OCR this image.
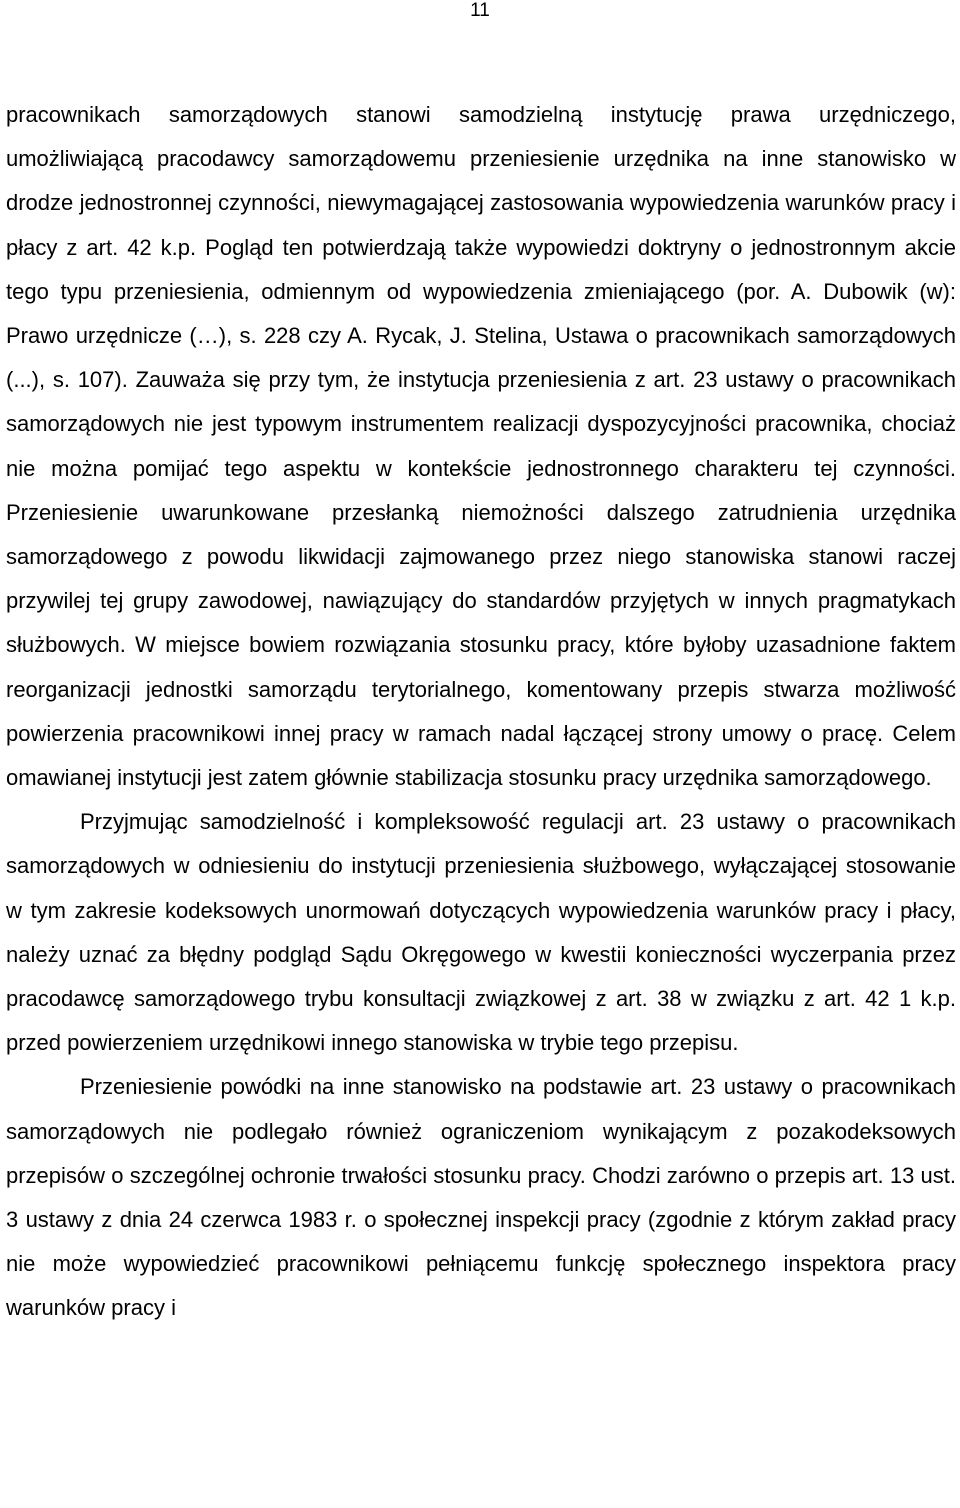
11

pracownikach samorządowych stanowi samodzielną instytucję prawa urzędniczego, umożliwiającą pracodawcy samorządowemu przeniesienie urzędnika na inne stanowisko w drodze jednostronnej czynności, niewymagającej zastosowania wypowiedzenia warunków pracy i płacy z art. 42 k.p. Pogląd ten potwierdzają także wypowiedzi doktryny o jednostronnym akcie tego typu przeniesienia, odmiennym od wypowiedzenia zmieniającego (por. A. Dubowik (w): Prawo urzędnicze (…), s. 228 czy A. Rycak, J. Stelina, Ustawa o pracownikach samorządowych (...), s. 107). Zauważa się przy tym, że instytucja przeniesienia z art. 23 ustawy o pracownikach samorządowych nie jest typowym instrumentem realizacji dyspozycyjności pracownika, chociaż nie można pomijać tego aspektu w kontekście jednostronnego charakteru tej czynności. Przeniesienie uwarunkowane przesłanką niemożności dalszego zatrudnienia urzędnika samorządowego z powodu likwidacji zajmowanego przez niego stanowiska stanowi raczej przywilej tej grupy zawodowej, nawiązujący do standardów przyjętych w innych pragmatykach służbowych. W miejsce bowiem rozwiązania stosunku pracy, które byłoby uzasadnione faktem reorganizacji jednostki samorządu terytorialnego, komentowany przepis stwarza możliwość powierzenia pracownikowi innej pracy w ramach nadal łączącej strony umowy o pracę. Celem omawianej instytucji jest zatem głównie stabilizacja stosunku pracy urzędnika samorządowego.

Przyjmując samodzielność i kompleksowość regulacji art. 23 ustawy o pracownikach samorządowych w odniesieniu do instytucji przeniesienia służbowego, wyłączającej stosowanie w tym zakresie kodeksowych unormowań dotyczących wypowiedzenia warunków pracy i płacy, należy uznać za błędny podgląd Sądu Okręgowego w kwestii konieczności wyczerpania przez pracodawcę samorządowego trybu konsultacji związkowej z art. 38 w związku z art. 42 1 k.p. przed powierzeniem urzędnikowi innego stanowiska w trybie tego przepisu.

Przeniesienie powódki na inne stanowisko na podstawie art. 23 ustawy o pracownikach samorządowych nie podlegało również ograniczeniom wynikającym z pozakodeksowych przepisów o szczególnej ochronie trwałości stosunku pracy. Chodzi zarówno o przepis art. 13 ust. 3 ustawy z dnia 24 czerwca 1983 r. o społecznej inspekcji pracy (zgodnie z którym zakład pracy nie może wypowiedzieć pracownikowi pełniącemu funkcję społecznego inspektora pracy warunków pracy i
